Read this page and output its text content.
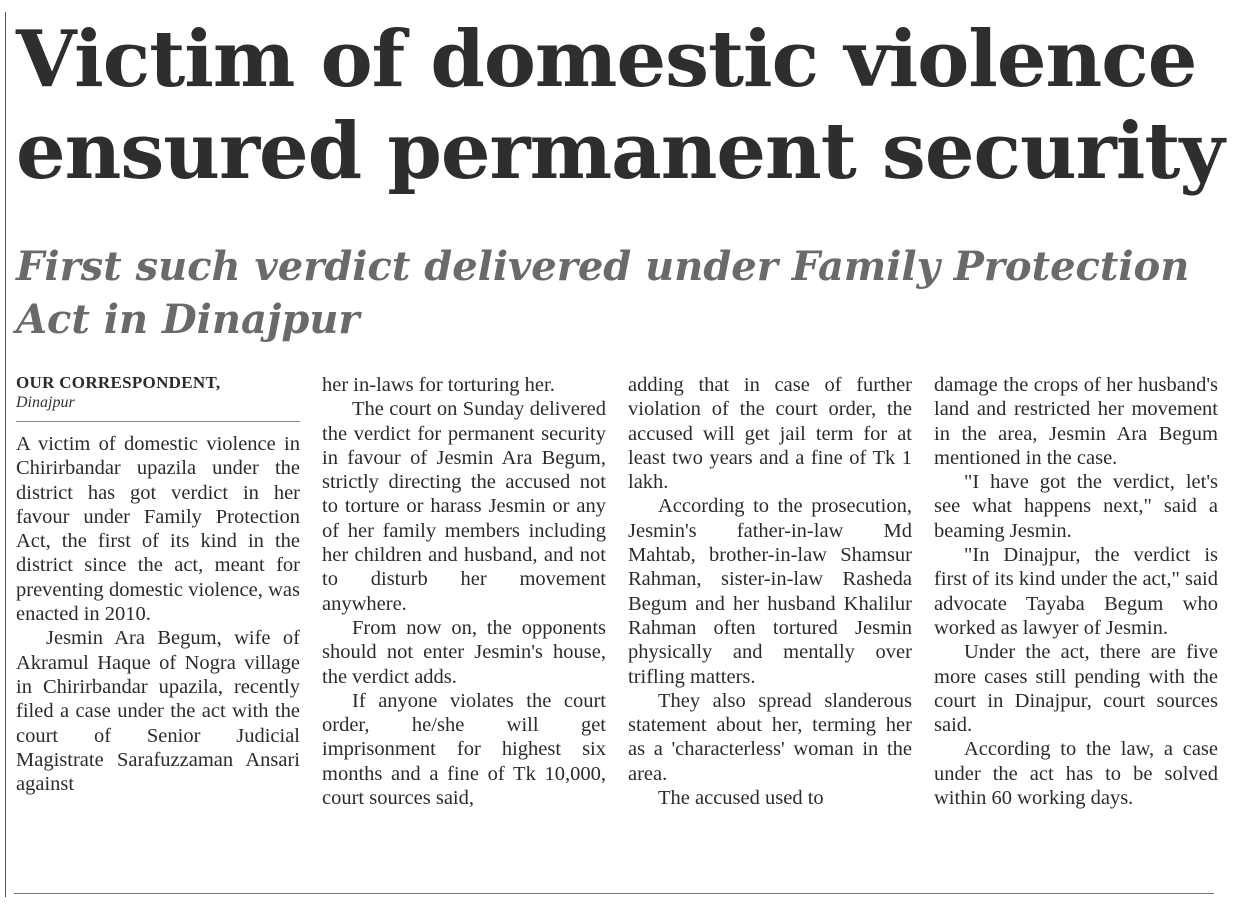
Victim of domestic violence
ensured permanent security
First such verdict delivered under Family Protection
Act in Dinajpur
OUR CORRESPONDENT,
Dinajpur

A victim of domestic violence in Chirirbandar upazila under the district has got verdict in her favour under Family Protection Act, the first of its kind in the district since the act, meant for preventing domestic violence, was enacted in 2010.

Jesmin Ara Begum, wife of Akramul Haque of Nogra village in Chirirbandar upazila, recently filed a case under the act with the court of Senior Judicial Magistrate Sarafuzzaman Ansari against

her in-laws for torturing her.

The court on Sunday delivered the verdict for permanent security in favour of Jesmin Ara Begum, strictly directing the accused not to torture or harass Jesmin or any of her family members including her children and husband, and not to disturb her movement anywhere.

From now on, the opponents should not enter Jesmin's house, the verdict adds.

If anyone violates the court order, he/she will get imprisonment for highest six months and a fine of Tk 10,000, court sources said,

adding that in case of further violation of the court order, the accused will get jail term for at least two years and a fine of Tk 1 lakh.

According to the prosecution, Jesmin's father-in-law Md Mahtab, brother-in-law Shamsur Rahman, sister-in-law Rasheda Begum and her husband Khalilur Rahman often tortured Jesmin physically and mentally over trifling matters.

They also spread slanderous statement about her, terming her as a 'characterless' woman in the area.

The accused used to

damage the crops of her husband's land and restricted her movement in the area, Jesmin Ara Begum mentioned in the case.

"I have got the verdict, let's see what happens next," said a beaming Jesmin.

"In Dinajpur, the verdict is first of its kind under the act," said advocate Tayaba Begum who worked as lawyer of Jesmin.

Under the act, there are five more cases still pending with the court in Dinajpur, court sources said.

According to the law, a case under the act has to be solved within 60 working days.
